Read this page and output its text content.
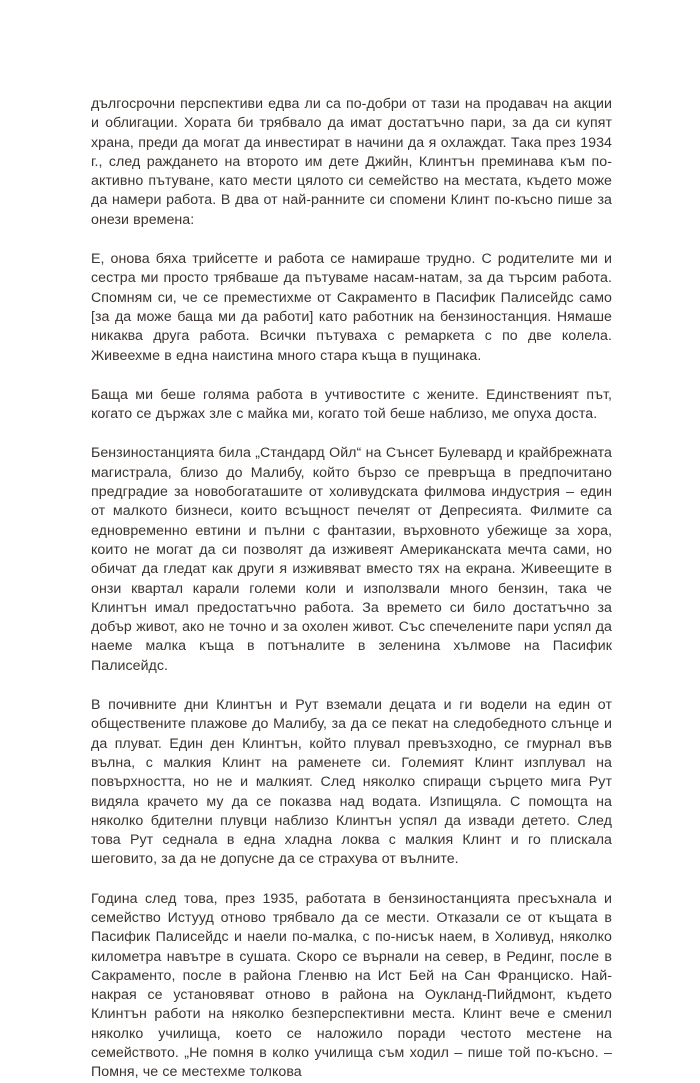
дългосрочни перспективи едва ли са по-добри от тази на продавач на акции и облигации. Хората би трябвало да имат достатъчно пари, за да си купят храна, преди да могат да инвестират в начини да я охлаждат. Така през 1934 г., след раждането на второто им дете Джийн, Клинтън преминава към по-активно пътуване, като мести цялото си семейство на местата, където може да намери работа. В два от най-ранните си спомени Клинт по-късно пише за онези времена:

Е, онова бяха трийсетте и работа се намираше трудно. С родителите ми и сестра ми просто трябваше да пътуваме насам-натам, за да търсим работа. Спомням си, че се преместихме от Сакраменто в Пасифик Палисейдс само [за да може баща ми да работи] като работник на бензиностанция. Нямаше никаква друга работа. Всички пътуваха с ремаркета с по две колела. Живеехме в една наистина много стара къща в пущинака.

Баща ми беше голяма работа в учтивостите с жените. Единствeният път, когато се държах зле с майка ми, когато той беше наблизо, ме опуха доста.

Бензиностанцията била „Стандард Ойл“ на Сънсет Булевард и крайбрежната магистрала, близо до Малибу, който бързо се превръща в предпочитано предградие за новобогаташите от холивудската филмова индустрия – един от малкото бизнеси, които всъщност печелят от Депресията. Филмите са едновременно евтини и пълни с фантазии, върховното убежище за хора, които не могат да си позволят да изживеят Американската мечта сами, но обичат да гледат как други я изживяват вместо тях на екрана. Живеещите в онзи квартал карали големи коли и използвали много бензин, така че Клинтън имал предостатъчно работа. За времето си било достатъчно за добър живот, ако не точно и за охолен живот. Със спечелените пари успял да наеме малка къща в потъналите в зеленина хълмове на Пасифик Палисейдс.

В почивните дни Клинтън и Рут вземали децата и ги водели на един от обществените плажове до Малибу, за да се пекат на следобедното слънце и да плуват. Един ден Клинтън, който плувал превъзходно, се гмурнал във вълна, с малкия Клинт на раменете си. Големият Клинт изплувал на повърхността, но не и малкият. След няколко спиращи сърцето мига Рут видяла крачето му да се показва над водата. Изпищяла. С помощта на няколко бдителни плувци наблизо Клинтън успял да извади детето. След това Рут седнала в една хладна локва с малкия Клинт и го плискала шеговито, за да не допусне да се страхува от вълните.

Година след това, през 1935, работата в бензиностанцията пресъхнала и семейство Истууд отново трябвало да се мести. Отказали се от къщата в Пасифик Палисейдс и наели по-малка, с по-нисък наем, в Холивуд, няколко километра навътре в сушата. Скоро се върнали на север, в Рединг, после в Сакраменто, после в района Гленвю на Ист Бей на Сан Франциско. Най-накрая се установяват отново в района на Оукланд-Пийдмонт, където Клинтън работи на няколко безперспективни места. Клинт вече е сменил няколко училища, което се наложило поради честото местене на семейството. „Не помня в колко училища съм ходил – пише той по-късно. – Помня, че се местехме толкова
